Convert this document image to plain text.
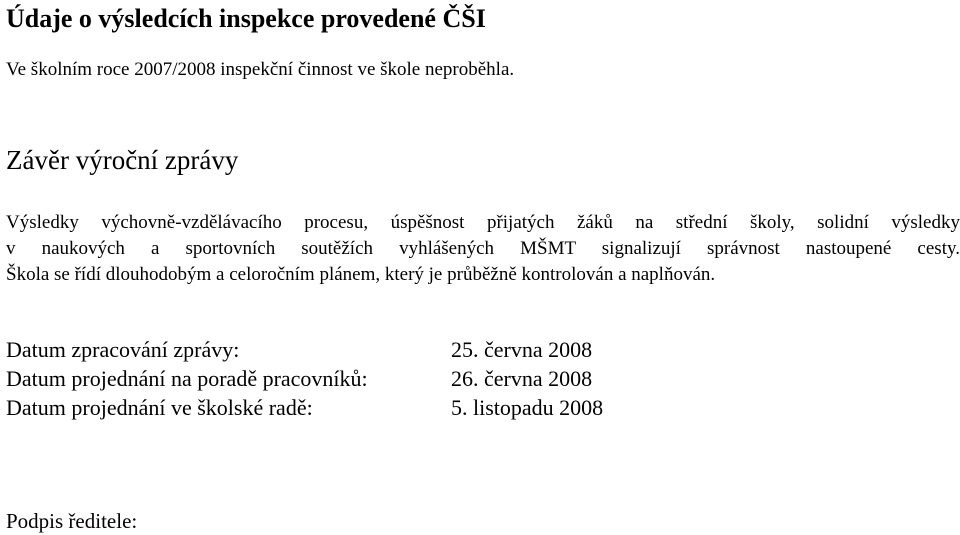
Údaje o výsledcích inspekce provedené ČŠI
Ve školním roce 2007/2008 inspekční činnost ve škole neproběhla.
Závěr výroční zprávy

Výsledky výchovně-vzdělávacího procesu, úspěšnost přijatých žáků na střední školy, solidní výsledky
v naukových a sportovních soutěžích vyhlášených MŠMT signalizují správnost nastoupené cesty.
Škola se řídí dlouhodobým a celoročním plánem, který je průběžně kontrolován a naplňován.

Datum zpracování zprávy:	25. června 2008
Datum projednání na poradě pracovníků:	26. června 2008
Datum projednání ve školské radě:	5. listopadu 2008
Podpis ředitele:
